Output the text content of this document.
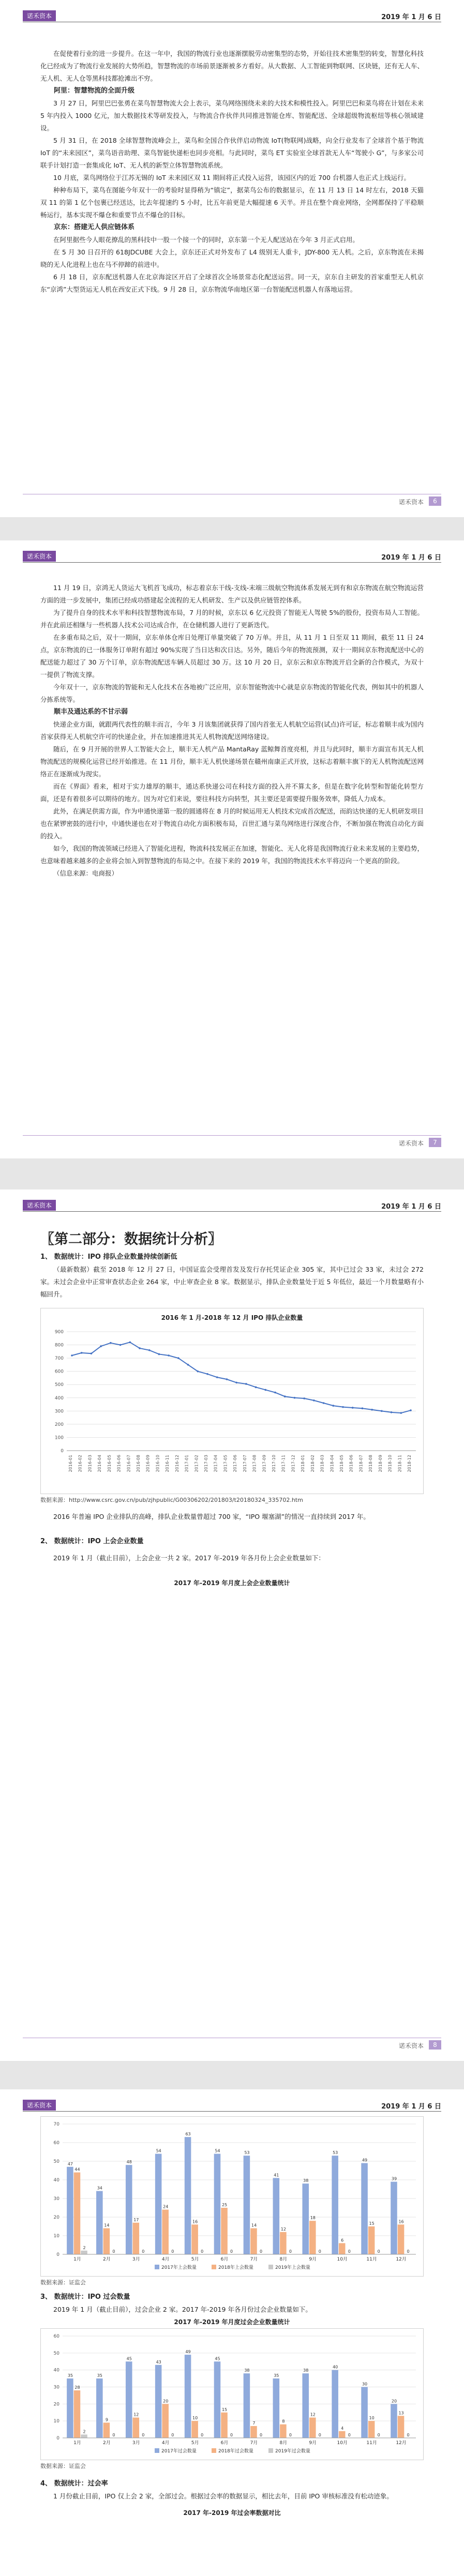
诺禾资本	2019 年 1 月 6 日

在促使着行业的进一步提升。在这一年中，我国的物流行业也逐渐摆脱劳动密集型的态势，开始往技术密集型的转变，智慧化科技化已经成为了物流行业发展的大势所趋，智慧物流的市场前景逐渐被多方看好。从大数据、人工智能到物联网、区块链，还有无人车、无人机、无人仓等黑科技都抢滩出不穷。

阿里：智慧物流的全面升级

3 月 27 日，阿里巴巴张勇在菜鸟智慧物流大会上表示，菜鸟网络围绕未来的大技术和模性投入。阿里巴巴和菜鸟将在计划在未来 5 年内投入 1000 亿元，加大数据技术等研发投入，与物流合作伙伴共同推进智能仓库、智能配送、全球超级物流枢纽等核心领域建设。

5 月 31 日，在 2018 全球智慧物流峰会上，菜鸟和全国合作伙伴启动物流 IoT(物联网)战略，向全行业发布了全球首个基于物流 IoT 的“未来园区”，菜鸟语音助理、菜鸟智能快递柜也同步亮相。与此同时，菜鸟 ET 实验室全球首款无人车“驾驶小 G”，与多家公司联手计划打造一套集成化 IoT、无人机的新型立体智慧物流系统。

10 月底，菜鸟网络位于江苏无锡的 IoT 未来园区双 11 期间将正式投入运营，该园区内的近 700 台机器人也正式上线运行。

种种布局下，菜鸟在图能今年双十一的考验时显得稍为“镇定”，据菜鸟公布的数据显示，在 11 月 13 日 14 时左右，2018 天猫双 11 的第 1 亿个包裹已经送达，比去年提速约 5 小时，比五年前更是大幅提速 6 天半。并且在整个商业网络，全网都保持了平稳顺畅运行，基本实现不爆仓和重要节点不爆仓的目标。

京东：搭建无人供应链体系

在阿里据些今人眼花撩乱的黑科技中一股一个接一个的同时，京东第一个无人配送站在今年 3 月正式启用。

在 5 月 30 日召开的 618JDCUBE 大会上，京东还正式对外发布了 L4 级别无人重卡，JDY-800 无人机。之后，京东物流在未揭晓的无人化进程上也在马不停蹄的前进中。

6 月 18 日，京东配送机器人在北京海淀区开启了全球首次全场景常态化配送运营。同一天，京东自主研发的首家重型无人机京东“京鸿”大型货运无人机在西安正式下线。9 月 28 日，京东物流华南地区第一台智能配送机器人有落地运营。

诺禾资本	6
诺禾资本	2019 年 1 月 6 日

11 月 19 日，京鸿无人货运大飞机首飞成功，标志着京东干线-支线-末端三级航空物流体系发展无到有和京东物流在航空物流运营方面的进一步发展中，集团已经成功搭建起全流程的无人机研发、生产以及供应链管控体系。

为了提升自身的技术水平和科技智慧物流布局，7 月的时候，京东以 6 亿元投资了智能无人驾驶 5%的股份，投资布局人工智能。并在此前还相继与一些机器人技术公司达成合作，在仓储机器人进行了更新迭代。

在多重布局之后，双十一期间，京东单体仓库日处理订单量突破了 70 万单。并且，从 11 月 1 日至双 11 期间，截至 11 日 24 点，京东物流的已一体服务订单附有超过 90%实现了当日达和次日达。另外，随后今年的物流预测，双十一期间京东物流配送中心的配送能力超过了 30 万个订单，京东物流配送车辆人员超过 30 万。这 10 月 20 日，京东云和京东物流开启全新的合作模式，为双十一提供了物流支撑。

今年双十一，京东物流的智能和无人化技术在各地被广泛应用，京东智能物流中心就是京东物流的智能化代表，例如其中的机器人分拣系统等。

顺丰及通达系的不甘示弱

快递企业方面，就跟两代表性的顺丰而言，今年 3 月该集团就获得了国内首张无人机航空运营(试点)许可证，标志着顺丰成为国内首家获得无人机航空许可的快递企业，并在加速推进其无人机物流配送网络建设。

随后，在 9 月开展的世界人工智能大会上，顺丰无人机产品 MantaRay 蓝鲸舞首度亮相，并且与此同时，顺丰方面宣布其无人机物流配送的规模化运营已经开始推进。在 11 月份，顺丰无人机快递场景在赣州南康正式开放，这标志着顺丰旗下的无人机物流配送网络正在逐渐成为现实。

而在《界面》看来，相对于实力雄厚的顺丰，通达系快递公司在科技方面的投入并不算太多，但是在数字化转型和智能化转型方面，还是有着很多可以期待的地方。因为对它们来说，要往科技方向转型，其主要还是需要提升服务效率，降低人力成本。

此外，在满足供需方面，作为申通快递第一股的圆通将在 8 月的时候运用无人机技术完成首次配送，而韵达快递的无人机研发项目也在紧锣密鼓的进行中，中通快递也在对于物流自动化方面积极布局，百世汇通与菜鸟网络进行深度合作，不断加强在物流自动化方面的投入。

如今，我国的物流领域已经进入了智能化进程，物流科技发展正在加速，智能化、无人化将是我国物流行业未来发展的主要趋势，也意味着越来越多的企业将会加入到智慧物流的布局之中。在接下来的 2019 年，我国的物流技术水平将迈向一个更高的阶段。

（信息来源：电商报）

诺禾资本	7
诺禾资本	2019 年 1 月 6 日
〖第二部分：数据统计分析〗
1、 数据统计：IPO 排队企业数量持续创新低

（最新数据）截至 2018 年 12 月 27 日，中国证监会受理首发及发行存托凭证企业 305 家，其中已过会 33 家，未过会 272 家。未过会企业中正常审查状态企业 264 家，中止审查企业 8 家。数据显示，排队企业数量处于近 5 年低位，最近一个月数量略有小幅回升。

2016 年 1 月-2018 年 12 月 IPO 排队企业数量
0
100
200
300
400
500
600
700
800
900
2016-01 2016-02 2016-03 2016-04 2016-05 2016-06 2016-07 2016-08 2016-09 2016-10 2016-11 2016-12 2017-01 2017-02 2017-03 2017-04 2017-05 2017-06 2017-07 2017-08 2017-09 2017-10 2017-11 2017-12 2018-01 2018-02 2018-03 2018-04 2018-05 2018-06 2018-07 2018-08 2018-09 2018-10 2018-11 2018-12
数据来源：http://www.csrc.gov.cn/pub/zjhpublic/G00306202/201803/t20180324_335702.htm

2016 年普遍 IPO 企业排队的高峰，排队企业数量曾超过 700 家，“IPO 堰塞湖”的情况一直持续到 2017 年。

2、 数据统计：IPO 上会企业数量

2019 年 1 月（截止目前），上会企业一共 2 家。2017 年-2019 年各月份上会企业数量如下：

2017 年-2019 年月度上会企业数量统计
诺禾资本	8
诺禾资本	2019 年 1 月 6 日
0
10
20
30
40
50
60
70
47
44
2
1月
34
14
0
2月
48
17
0
3月
54
24
0
4月
63
16
0
5月
54
25
0
6月
53
14
0
7月
41
12
0
8月
38
18
0
9月
53
6
0
10月
49
15
0
11月
39
16
0
12月
2017年上会数量	2018年上会数量	2019年上会数量
数据来源：证监会
3、 数据统计：IPO 过会数量

2019 年 1 月（截止目前），过会企业 2 家。2017 年-2019 年各月份过会企业数量如下。

2017 年-2019 年月度过会企业数量统计
0
10
20
30
40
50
60
35
28
2
1月
35
9
0
2月
45
12
0
3月
43
20
0
4月
49
10
0
5月
45
15
0
6月
38
7
0
7月
35
8
0
8月
38
12
0
9月
40
4
0
10月
30
10
0
11月
20
13
0
12月
2017年过会数量	2018年过会数量	2019年过会数量
数据来源：证监会
4、 数据统计：过会率

1 月份截止目前，IPO 仅上会 2 家，全部过会。根据过会率的数据显示，相比去年，目前 IPO 审核标准没有松动迹象。

2017 年-2019 年过会率数据对比
